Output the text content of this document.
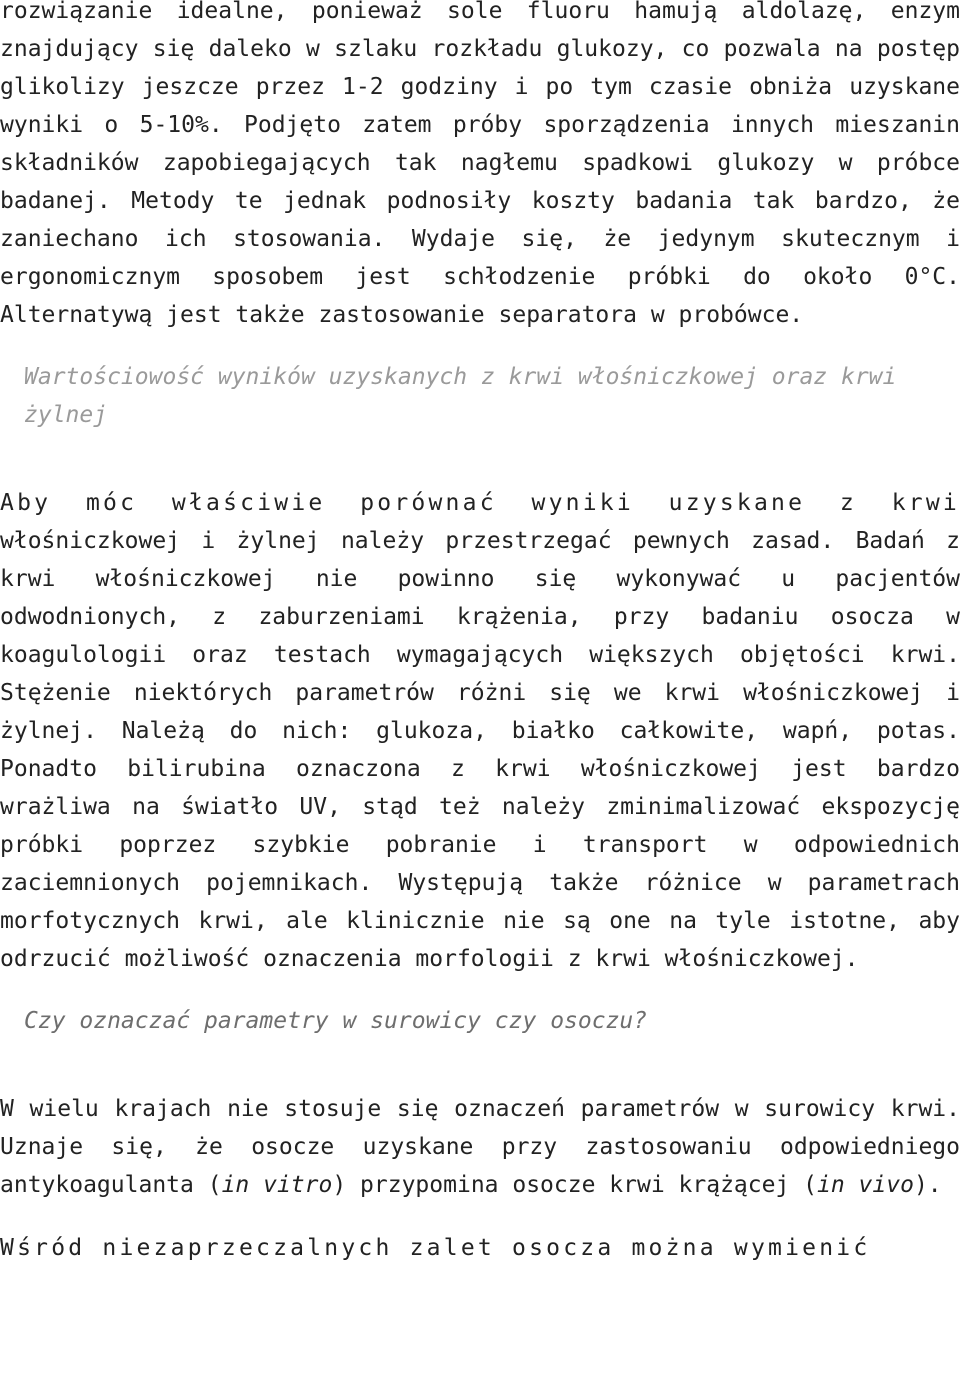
rozwiązanie idealne, ponieważ sole fluoru hamują aldolazę, enzym znajdujący się daleko w szlaku rozkładu glukozy, co pozwala na postęp glikolizy jeszcze przez 1-2 godziny i po tym czasie obniża uzyskane wyniki o 5-10%. Podjęto zatem próby sporządzenia innych mieszanin składników zapobiegających tak nagłemu spadkowi glukozy w próbce badanej. Metody te jednak podnosiły koszty badania tak bardzo, że zaniechano ich stosowania. Wydaje się, że jedynym skutecznym i ergonomicznym sposobem jest schłodzenie próbki do około 0°C. Alternatywą jest także zastosowanie separatora w probówce.

Wartościowość wyników uzyskanych z krwi włośniczkowej oraz krwi żylnej

Aby móc właściwie porównać wyniki uzyskane z krwi włośniczkowej i żylnej należy przestrzegać pewnych zasad. Badań z krwi włośniczkowej nie powinno się wykonywać u pacjentów odwodnionych, z zaburzeniami krążenia, przy badaniu osocza w koagulologii oraz testach wymagających większych objętości krwi. Stężenie niektórych parametrów różni się we krwi włośniczkowej i żylnej. Należą do nich: glukoza, białko całkowite, wapń, potas. Ponadto bilirubina oznaczona z krwi włośniczkowej jest bardzo wrażliwa na światło UV, stąd też należy zminimalizować ekspozycję próbki poprzez szybkie pobranie i transport w odpowiednich zaciemnionych pojemnikach. Występują także różnice w parametrach morfotycznych krwi, ale klinicznie nie są one na tyle istotne, aby odrzucić możliwość oznaczenia morfologii z krwi włośniczkowej.

Czy oznaczać parametry w surowicy czy osoczu?

W wielu krajach nie stosuje się oznaczeń parametrów w surowicy krwi. Uznaje się, że osocze uzyskane przy zastosowaniu odpowiedniego antykoagulanta (in vitro) przypomina osocze krwi krążącej (in vivo).

Wśród niezaprzeczalnych zalet osocza można wymienić
